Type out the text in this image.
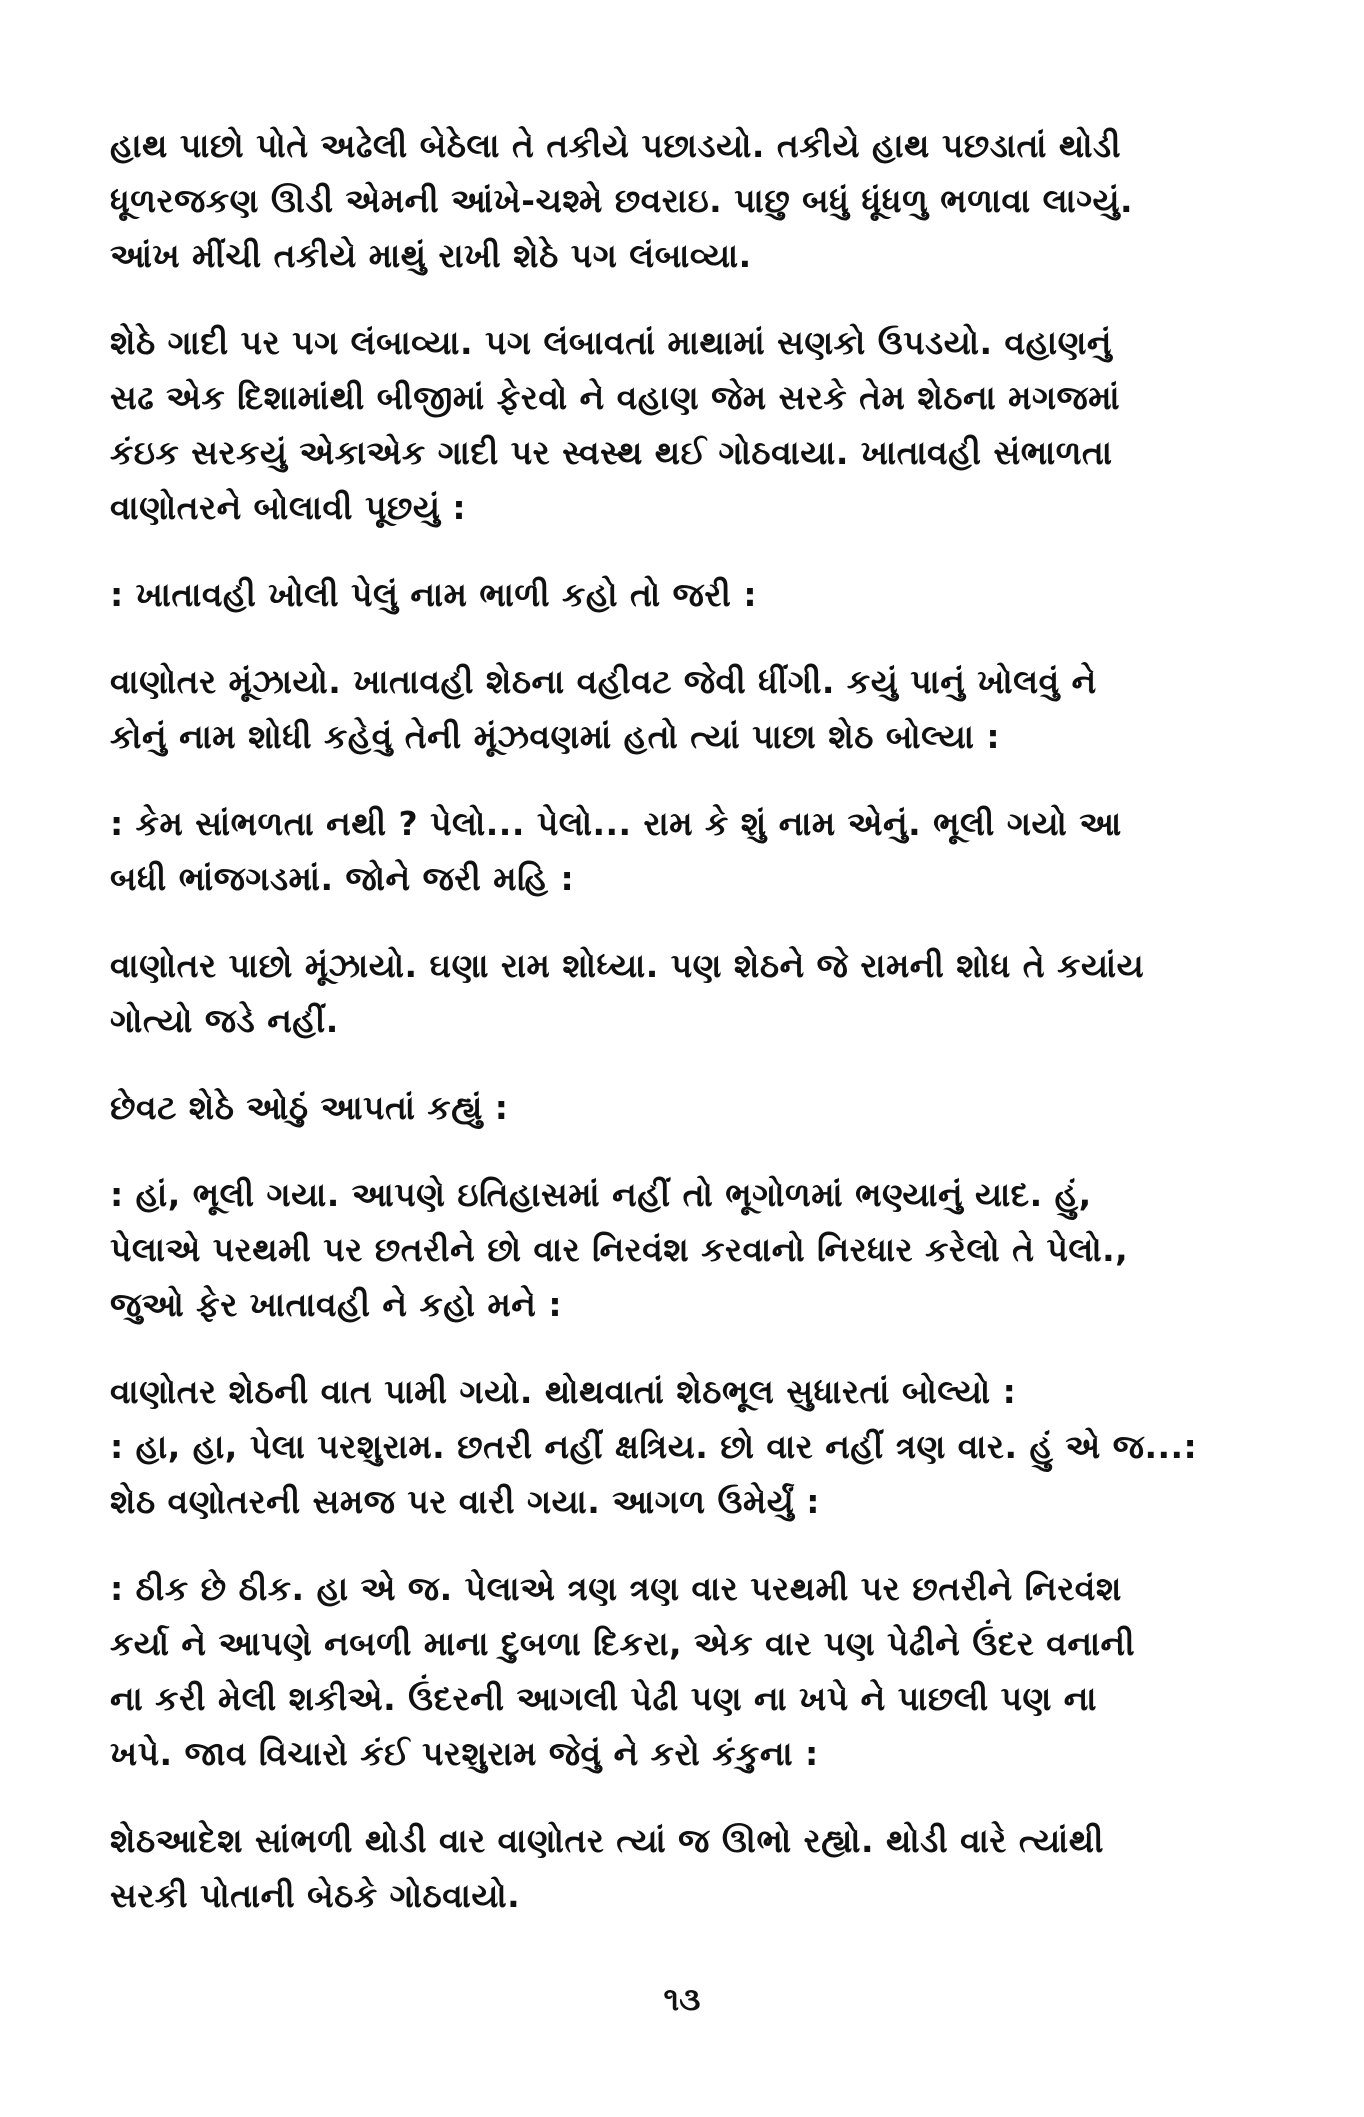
હાથ પાછો પોતે અઢેલી બેઠેલા તે તકીયે પછાડયો. તકીયે હાથ પછડાતાં થોડી
ધૂળરજકણ ઊડી એમની આંખે-ચશ્મે છવરાઇ. પાછુ બધું ધૂંધળુ ભળાવા લાગ્યું.
આંખ મીંચી તકીયે માથું રાખી શેઠે પગ લંબાવ્યા.

શેઠે ગાદી પર પગ લંબાવ્યા. પગ લંબાવતાં માથામાં સણકો ઉપડયો. વહાણનું
સઢ એક દિશામાંથી બીજીમાં ફેરવો ને વહાણ જેમ સરકે તેમ શેઠના મગજમાં
કંઇક સરકયું એકાએક ગાદી પર સ્વસ્થ થઈ ગોઠવાયા. ખાતાવહી સંભાળતા
વાણોતરને બોલાવી પૂછયું :

: ખાતાવહી ખોલી પેલું નામ ભાળી કહો તો જરી :

વાણોતર મૂંઝાયો. ખાતાવહી શેઠના વહીવટ જેવી ધીંગી. કયું પાનું ખોલવું ને
કોનું નામ શોધી કહેવું તેની મૂંઝવણમાં હતો ત્યાં પાછા શેઠ બોલ્યા :

: કેમ સાંભળતા નથી ? પેલો... પેલો... રામ કે શું નામ એનું. ભૂલી ગયો આ
બધી ભાંજગડમાં. જોને જરી મહિ :

વાણોતર પાછો મૂંઝાયો. ઘણા રામ શોધ્યા. પણ શેઠને જે રામની શોધ તે કયાંય
ગોત્યો જડે નહીં.

છેવટ શેઠે ઓઠું આપતાં કહ્યું :

: હાં, ભૂલી ગયા. આપણે ઇતિહાસમાં નહીં તો ભૂગોળમાં ભણ્યાનું યાદ. હું,
પેલાએ પરથમી પર છતરીને છો વાર નિરવંશ કરવાનો નિરધાર કરેલો તે પેલો.,
જુઓ ફેર ખાતાવહી ને કહો મને :

વાણોતર શેઠની વાત પામી ગયો. થોથવાતાં શેઠભૂલ સુધારતાં બોલ્યો :
: હા, હા, પેલા પરશુરામ. છતરી નહીં ક્ષત્રિય. છો વાર નહીં ત્રણ વાર. હું એ જ...:
શેઠ વણોતરની સમજ પર વારી ગયા. આગળ ઉમેર્યું :

: ઠીક છે ઠીક. હા એ જ. પેલાએ ત્રણ ત્રણ વાર પરથમી પર છતરીને નિરવંશ
કર્યા ને આપણે નબળી માના દુબળા દિકરા, એક વાર પણ પેઢીને ઉંદર વનાની
ના કરી મેલી શકીએ. ઉંદરની આગલી પેઢી પણ ના ખપે ને પાછલી પણ ના
ખપે. જાવ વિચારો કંઈ પરશુરામ જેવું ને કરો કંકુના :

શેઠઆદેશ સાંભળી થોડી વાર વાણોતર ત્યાં જ ઊભો રહ્યો. થોડી વારે ત્યાંથી
સરકી પોતાની બેઠકે ગોઠવાયો.

૧૩
